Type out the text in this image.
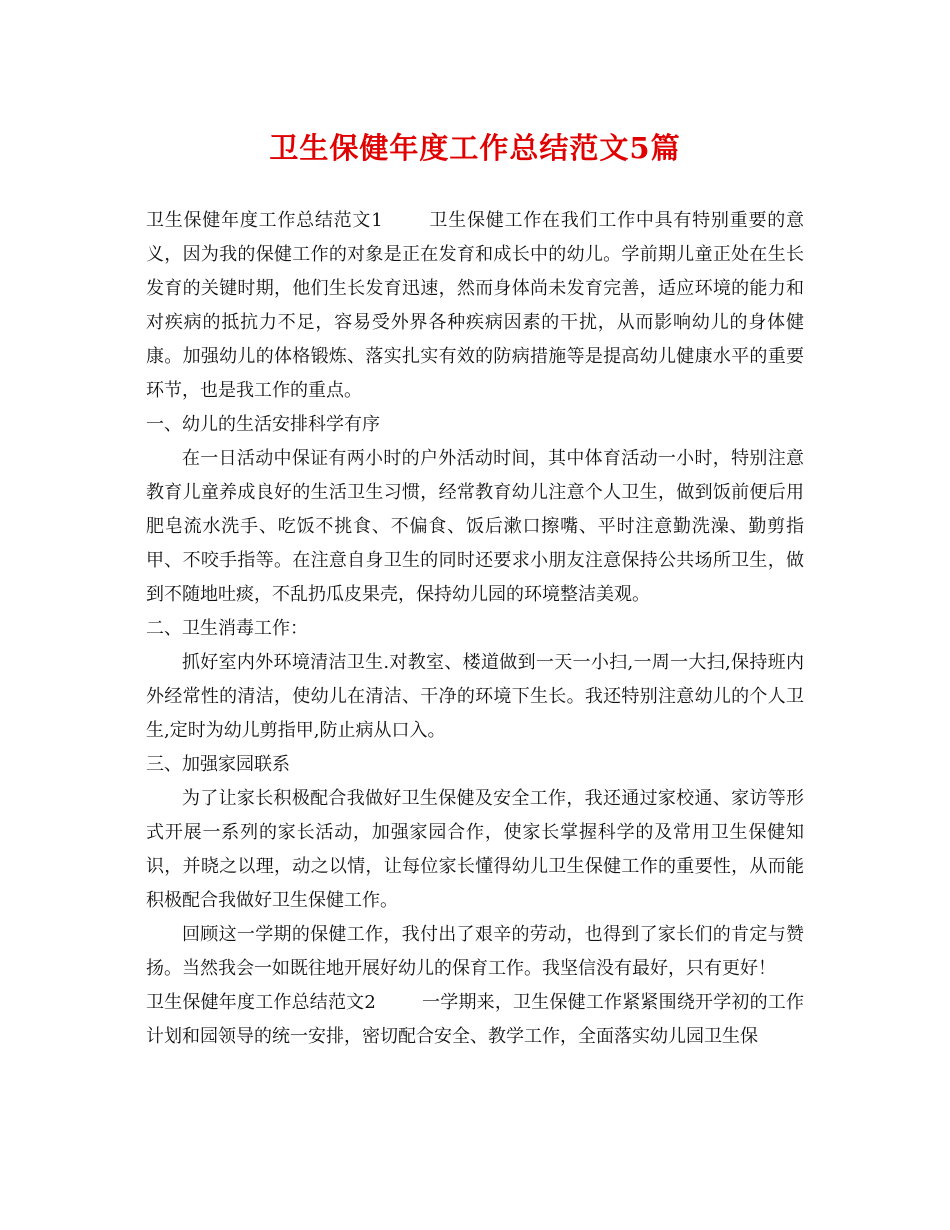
卫生保健年度工作总结范文5篇

卫生保健年度工作总结范文1	卫生保健工作在我们工作中具有特别重要的意义，因为我的保健工作的对象是正在发育和成长中的幼儿。学前期儿童正处在生长发育的关键时期，他们生长发育迅速，然而身体尚未发育完善，适应环境的能力和对疾病的抵抗力不足，容易受外界各种疾病因素的干扰，从而影响幼儿的身体健康。加强幼儿的体格锻炼、落实扎实有效的防病措施等是提高幼儿健康水平的重要环节，也是我工作的重点。

一、幼儿的生活安排科学有序

在一日活动中保证有两小时的户外活动时间，其中体育活动一小时，特别注意教育儿童养成良好的生活卫生习惯，经常教育幼儿注意个人卫生，做到饭前便后用肥皂流水洗手、吃饭不挑食、不偏食、饭后漱口擦嘴、平时注意勤洗澡、勤剪指甲、不咬手指等。在注意自身卫生的同时还要求小朋友注意保持公共场所卫生，做到不随地吐痰，不乱扔瓜皮果壳，保持幼儿园的环境整洁美观。

二、卫生消毒工作：

抓好室内外环境清洁卫生.对教室、楼道做到一天一小扫,一周一大扫,保持班内外经常性的清洁，使幼儿在清洁、干净的环境下生长。我还特别注意幼儿的个人卫生,定时为幼儿剪指甲,防止病从口入。

三、加强家园联系

为了让家长积极配合我做好卫生保健及安全工作，我还通过家校通、家访等形式开展一系列的家长活动，加强家园合作，使家长掌握科学的及常用卫生保健知识，并晓之以理，动之以情，让每位家长懂得幼儿卫生保健工作的重要性，从而能积极配合我做好卫生保健工作。

回顾这一学期的保健工作，我付出了艰辛的劳动，也得到了家长们的肯定与赞扬。当然我会一如既往地开展好幼儿的保育工作。我坚信没有最好，只有更好！

卫生保健年度工作总结范文2	一学期来，卫生保健工作紧紧围绕开学初的工作计划和园领导的统一安排，密切配合安全、教学工作，全面落实幼儿园卫生保
